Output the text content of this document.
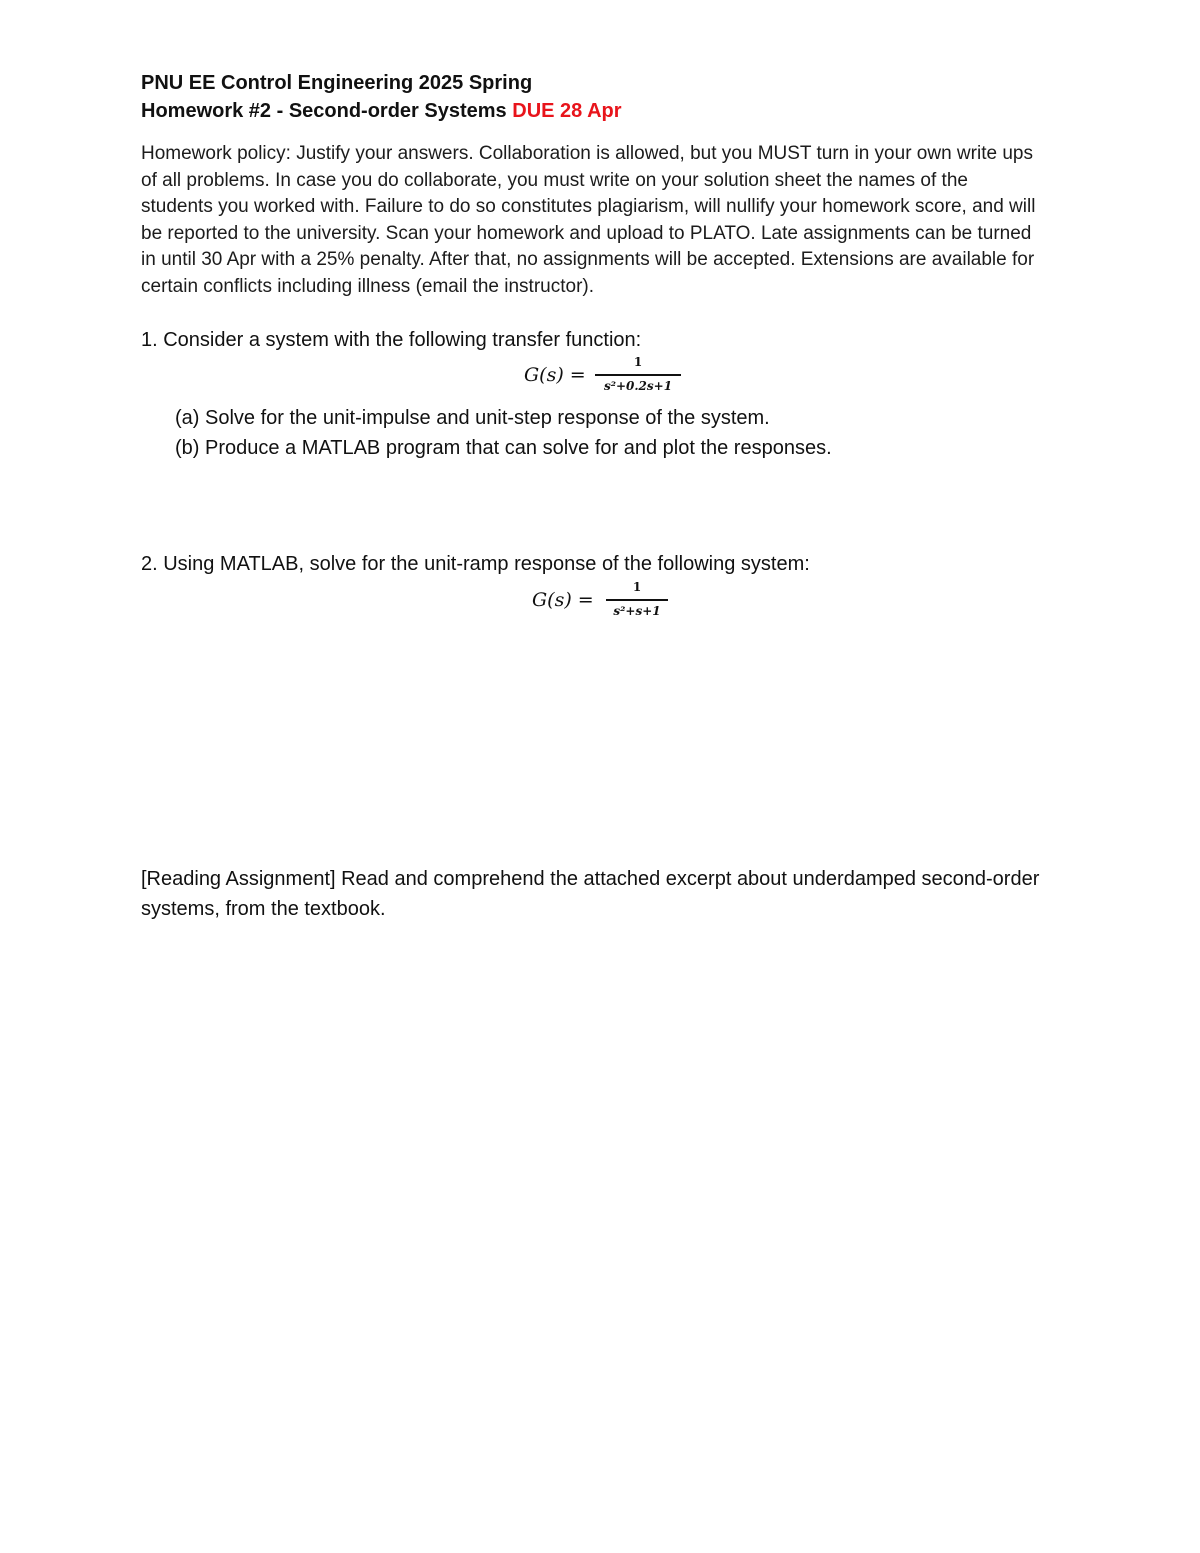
PNU EE Control Engineering 2025 Spring
Homework #2 - Second-order Systems DUE 28 Apr
Homework policy: Justify your answers. Collaboration is allowed, but you MUST turn in your own write ups of all problems. In case you do collaborate, you must write on your solution sheet the names of the students you worked with. Failure to do so constitutes plagiarism, will nullify your homework score, and will be reported to the university. Scan your homework and upload to PLATO. Late assignments can be turned in until 30 Apr with a 25% penalty. After that, no assignments will be accepted. Extensions are available for certain conflicts including illness (email the instructor).
1. Consider a system with the following transfer function:
G(s) =
1
s²+0.2s+1
(a) Solve for the unit-impulse and unit-step response of the system.
(b) Produce a MATLAB program that can solve for and plot the responses.
2. Using MATLAB, solve for the unit-ramp response of the following system:
G(s) =
1
s²+s+1
[Reading Assignment] Read and comprehend the attached excerpt about underdamped second-order systems, from the textbook.
